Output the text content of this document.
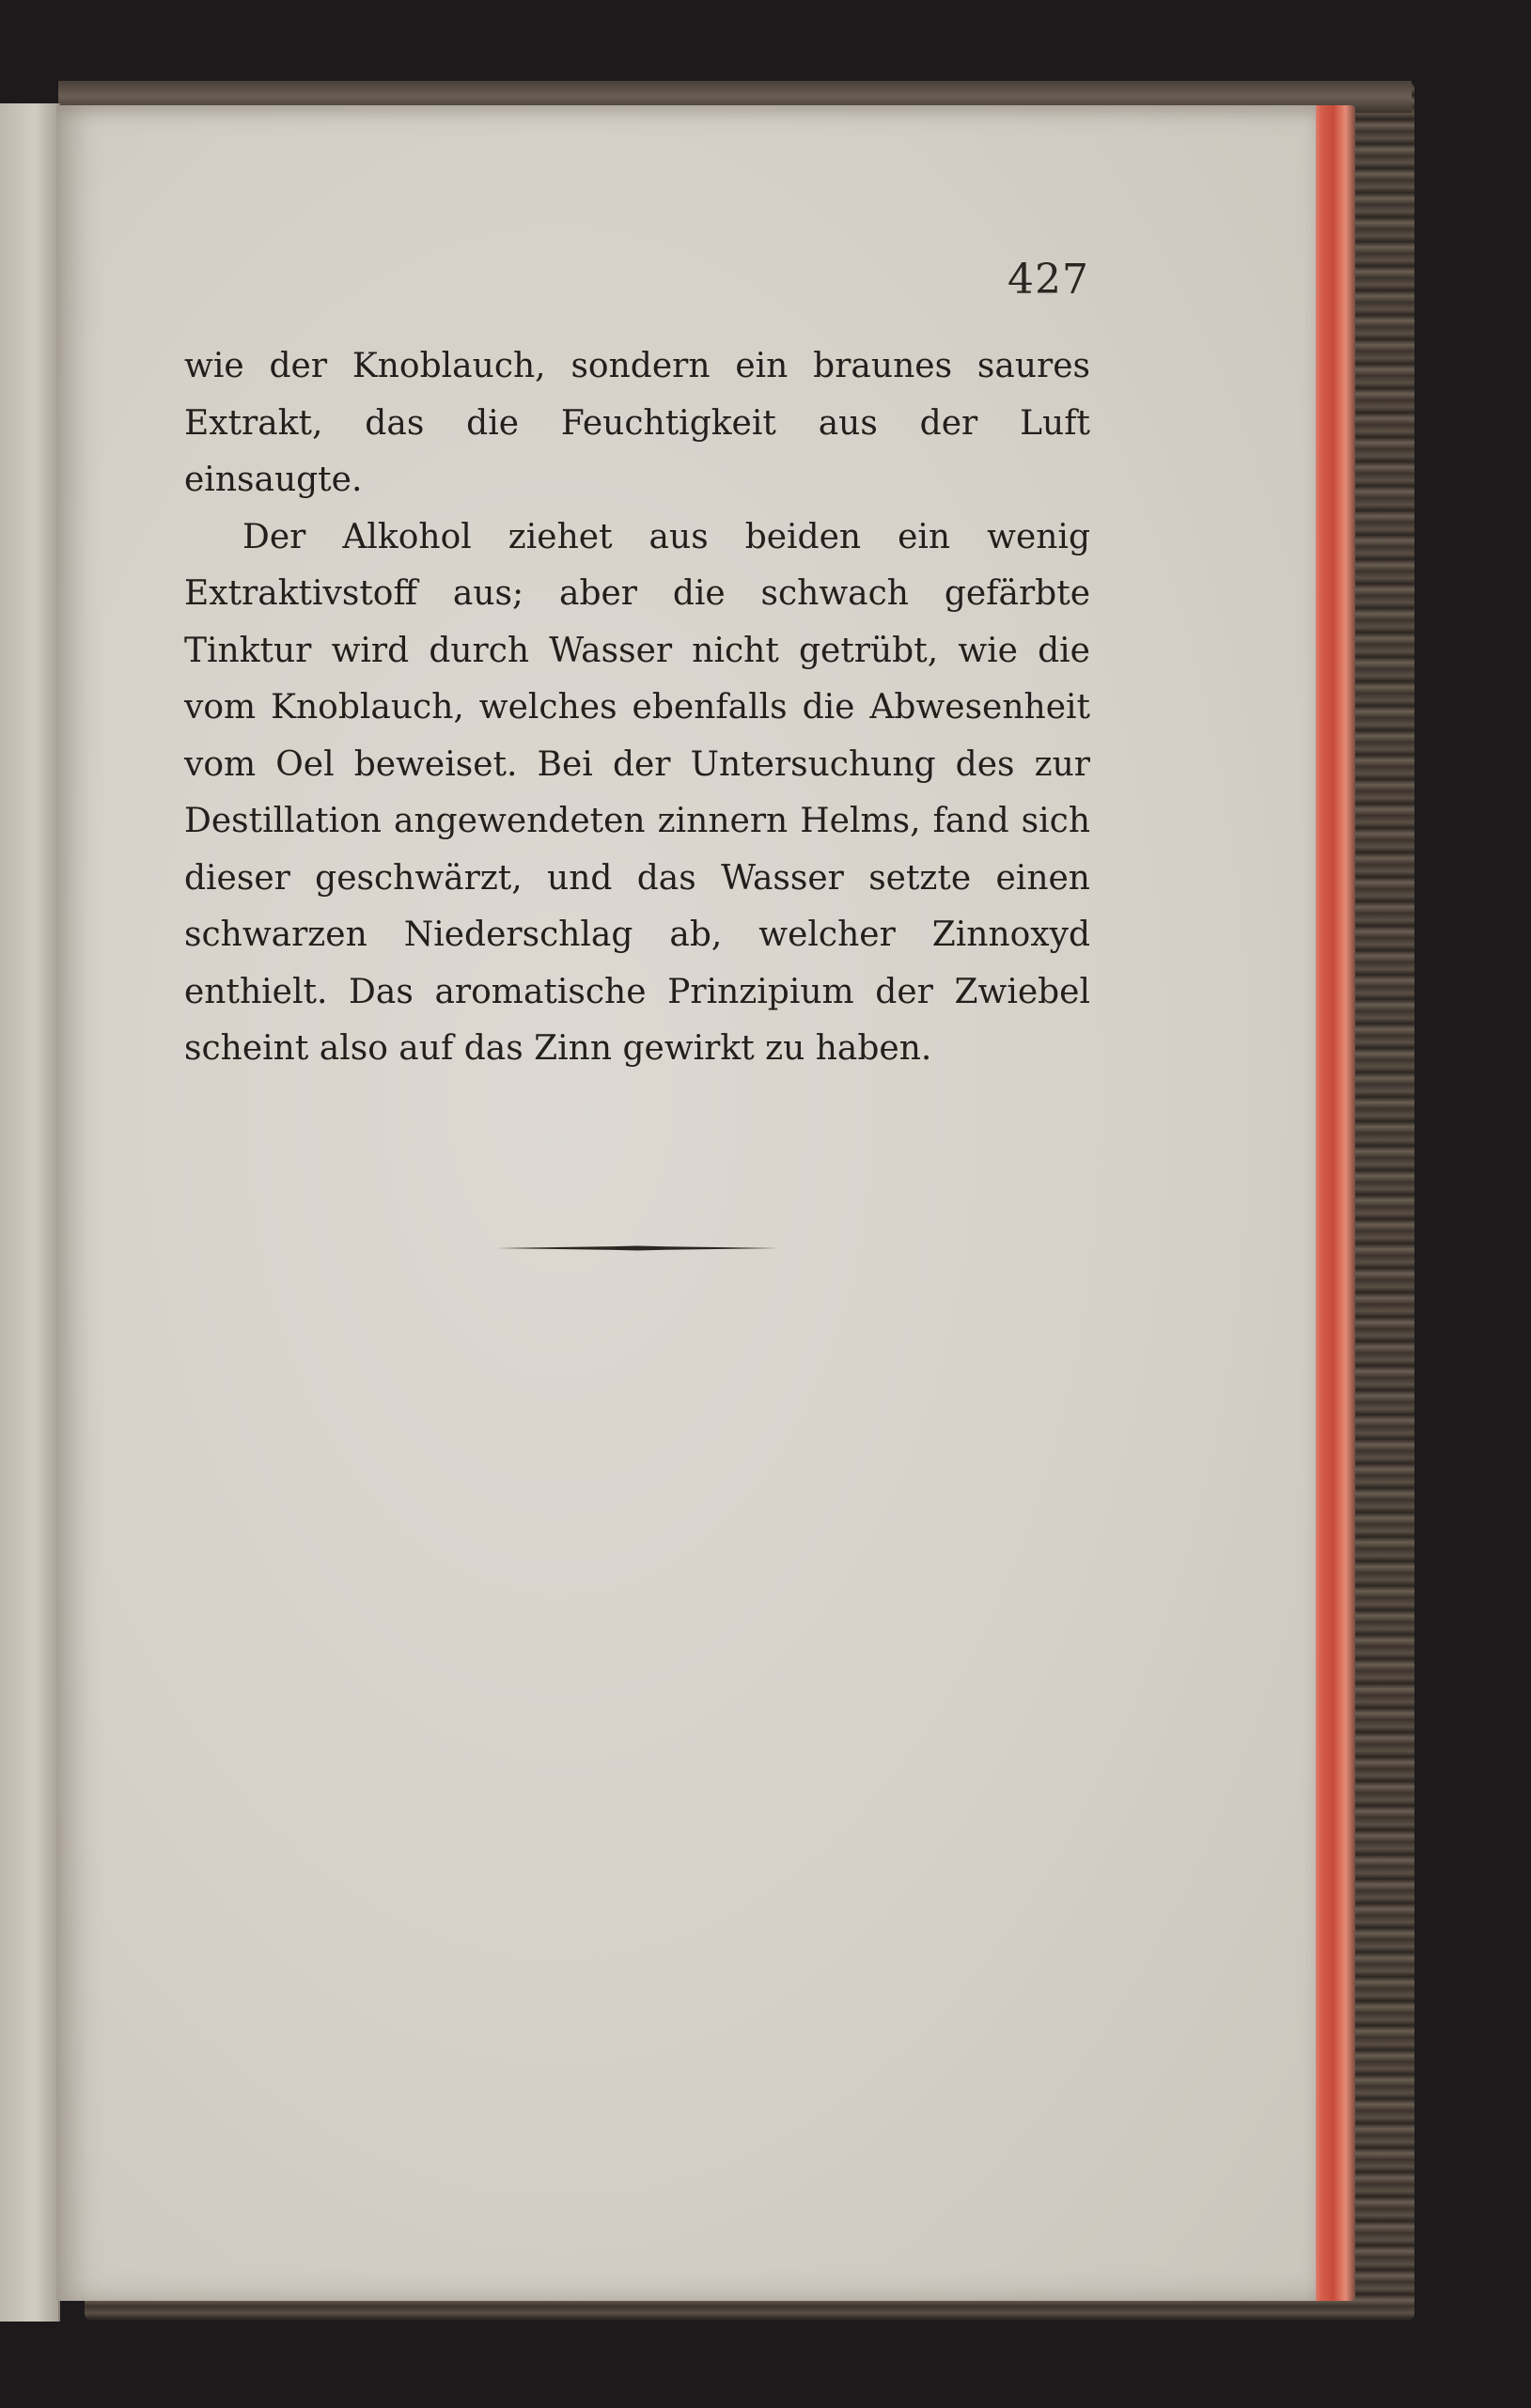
427

wie der Knoblauch, sondern ein braunes saures Extrakt, das die Feuchtigkeit aus der Luft einsaugte.

Der Alkohol ziehet aus beiden ein wenig Extraktivstoff aus; aber die schwach gefärbte Tinktur wird durch Wasser nicht getrübt, wie die vom Knoblauch, welches ebenfalls die Abwesenheit vom Oel beweiset. Bei der Untersuchung des zur Destillation angewendeten zinnern Helms, fand sich dieser geschwärzt, und das Wasser setzte einen schwarzen Niederschlag ab, welcher Zinnoxyd enthielt. Das aromatische Prinzipium der Zwiebel scheint also auf das Zinn gewirkt zu haben.
